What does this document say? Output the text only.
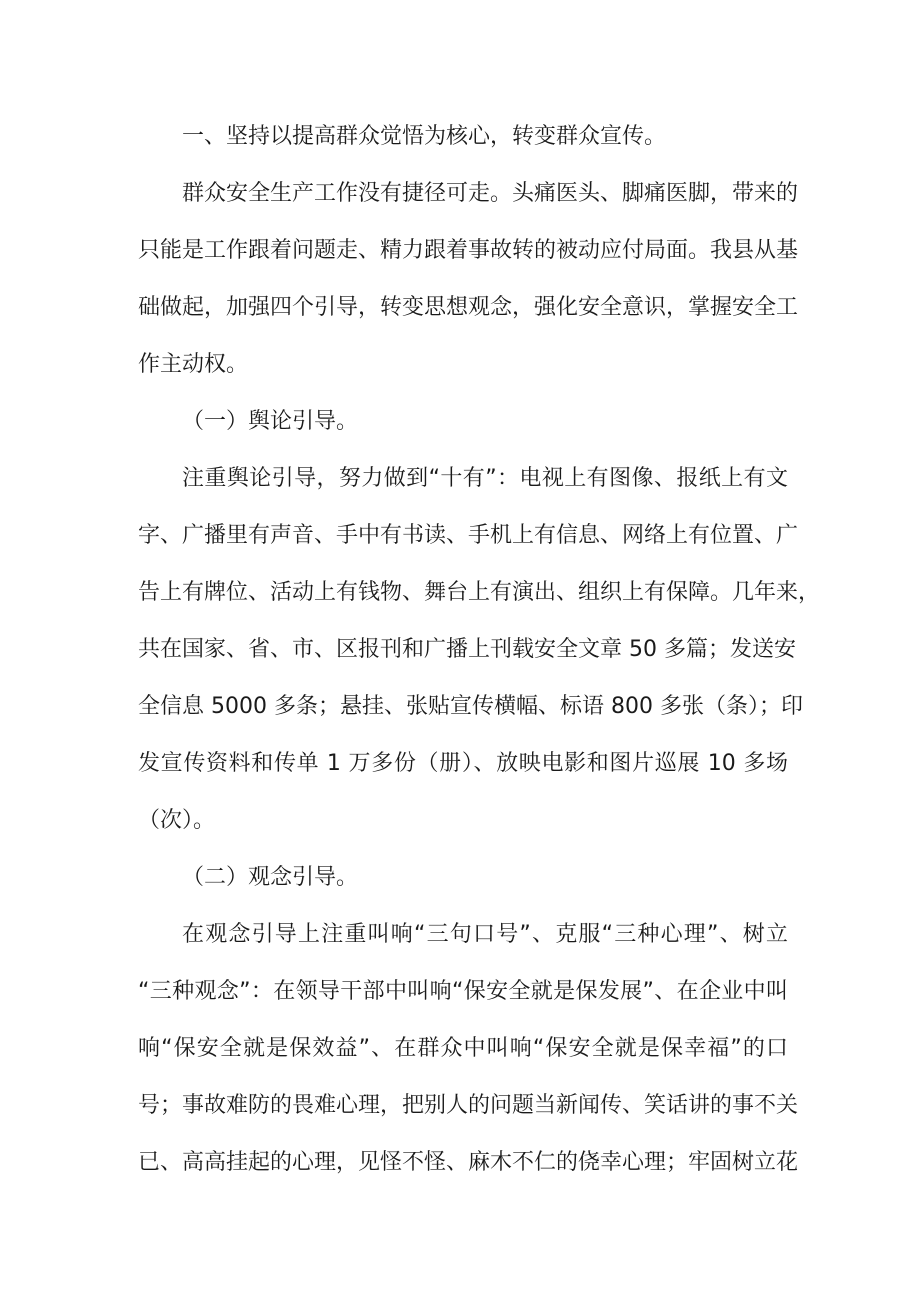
一、坚持以提高群众觉悟为核心，转变群众宣传。
群众安全生产工作没有捷径可走。头痛医头、脚痛医脚，带来的
只能是工作跟着问题走、精力跟着事故转的被动应付局面。我县从基
础做起，加强四个引导，转变思想观念，强化安全意识，掌握安全工
作主动权。
（一）舆论引导。
注重舆论引导，努力做到“十有”：电视上有图像、报纸上有文
字、广播里有声音、手中有书读、手机上有信息、网络上有位置、广
告上有牌位、活动上有钱物、舞台上有演出、组织上有保障。几年来，
共在国家、省、市、区报刊和广播上刊载安全文章 50 多篇；发送安
全信息 5000 多条；悬挂、张贴宣传横幅、标语 800 多张（条）；印
发宣传资料和传单 1 万多份（册）、放映电影和图片巡展 10 多场
（次）。
（二）观念引导。
在观念引导上注重叫响“三句口号”、克服“三种心理”、树立
“三种观念”：在领导干部中叫响“保安全就是保发展”、在企业中叫
响“保安全就是保效益”、在群众中叫响“保安全就是保幸福”的口
号；事故难防的畏难心理，把别人的问题当新闻传、笑话讲的事不关
已、高高挂起的心理，见怪不怪、麻木不仁的侥幸心理；牢固树立花
